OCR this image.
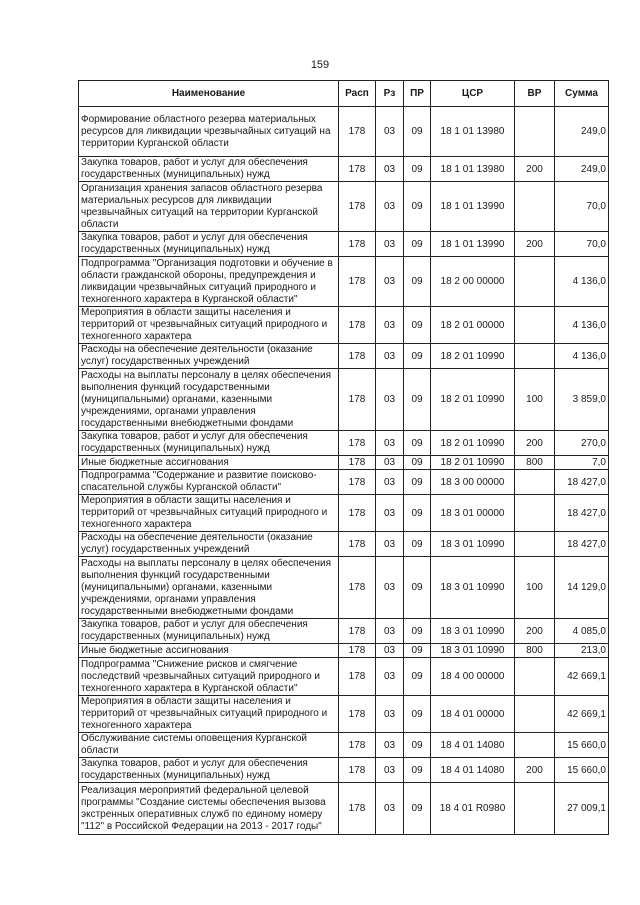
159
Наименование	Расп	Рз	ПР	ЦСР	ВР	Сумма
Формирование областного резерва материальных ресурсов для ликвидации чрезвычайных ситуаций на территории Курганской области	178	03	09	18 1 01 13980		249,0
Закупка товаров, работ и услуг для обеспечения государственных (муниципальных) нужд	178	03	09	18 1 01 13980	200	249,0
Организация хранения запасов областного резерва материальных ресурсов для ликвидации чрезвычайных ситуаций на территории Курганской области	178	03	09	18 1 01 13990		70,0
Закупка товаров, работ и услуг для обеспечения государственных (муниципальных) нужд	178	03	09	18 1 01 13990	200	70,0
Подпрограмма "Организация подготовки и обучение в области гражданской обороны, предупреждения и ликвидации чрезвычайных ситуаций природного и техногенного характера в Курганской области"	178	03	09	18 2 00 00000		4 136,0
Мероприятия в области защиты населения и территорий от чрезвычайных ситуаций природного и техногенного характера	178	03	09	18 2 01 00000		4 136,0
Расходы на обеспечение деятельности (оказание услуг) государственных учреждений	178	03	09	18 2 01 10990		4 136,0
Расходы на выплаты персоналу в целях обеспечения выполнения функций государственными (муниципальными) органами, казенными учреждениями, органами управления государственными внебюджетными фондами	178	03	09	18 2 01 10990	100	3 859,0
Закупка товаров, работ и услуг для обеспечения государственных (муниципальных) нужд	178	03	09	18 2 01 10990	200	270,0
Иные бюджетные ассигнования	178	03	09	18 2 01 10990	800	7,0
Подпрограмма "Содержание и развитие поисково-спасательной службы Курганской области"	178	03	09	18 3 00 00000		18 427,0
Мероприятия в области защиты населения и территорий от чрезвычайных ситуаций природного и техногенного характера	178	03	09	18 3 01 00000		18 427,0
Расходы на обеспечение деятельности (оказание услуг) государственных учреждений	178	03	09	18 3 01 10990		18 427,0
Расходы на выплаты персоналу в целях обеспечения выполнения функций государственными (муниципальными) органами, казенными учреждениями, органами управления государственными внебюджетными фондами	178	03	09	18 3 01 10990	100	14 129,0
Закупка товаров, работ и услуг для обеспечения государственных (муниципальных) нужд	178	03	09	18 3 01 10990	200	4 085,0
Иные бюджетные ассигнования	178	03	09	18 3 01 10990	800	213,0
Подпрограмма "Снижение рисков и смягчение последствий чрезвычайных ситуаций природного и техногенного характера в Курганской области"	178	03	09	18 4 00 00000		42 669,1
Мероприятия в области защиты населения и территорий от чрезвычайных ситуаций природного и техногенного характера	178	03	09	18 4 01 00000		42 669,1
Обслуживание системы оповещения Курганской области	178	03	09	18 4 01 14080		15 660,0
Закупка товаров, работ и услуг для обеспечения государственных (муниципальных) нужд	178	03	09	18 4 01 14080	200	15 660,0
Реализация мероприятий федеральной целевой программы "Создание системы обеспечения вызова экстренных оперативных служб по единому номеру "112" в Российской Федерации на 2013 - 2017 годы"	178	03	09	18 4 01 R0980		27 009,1
